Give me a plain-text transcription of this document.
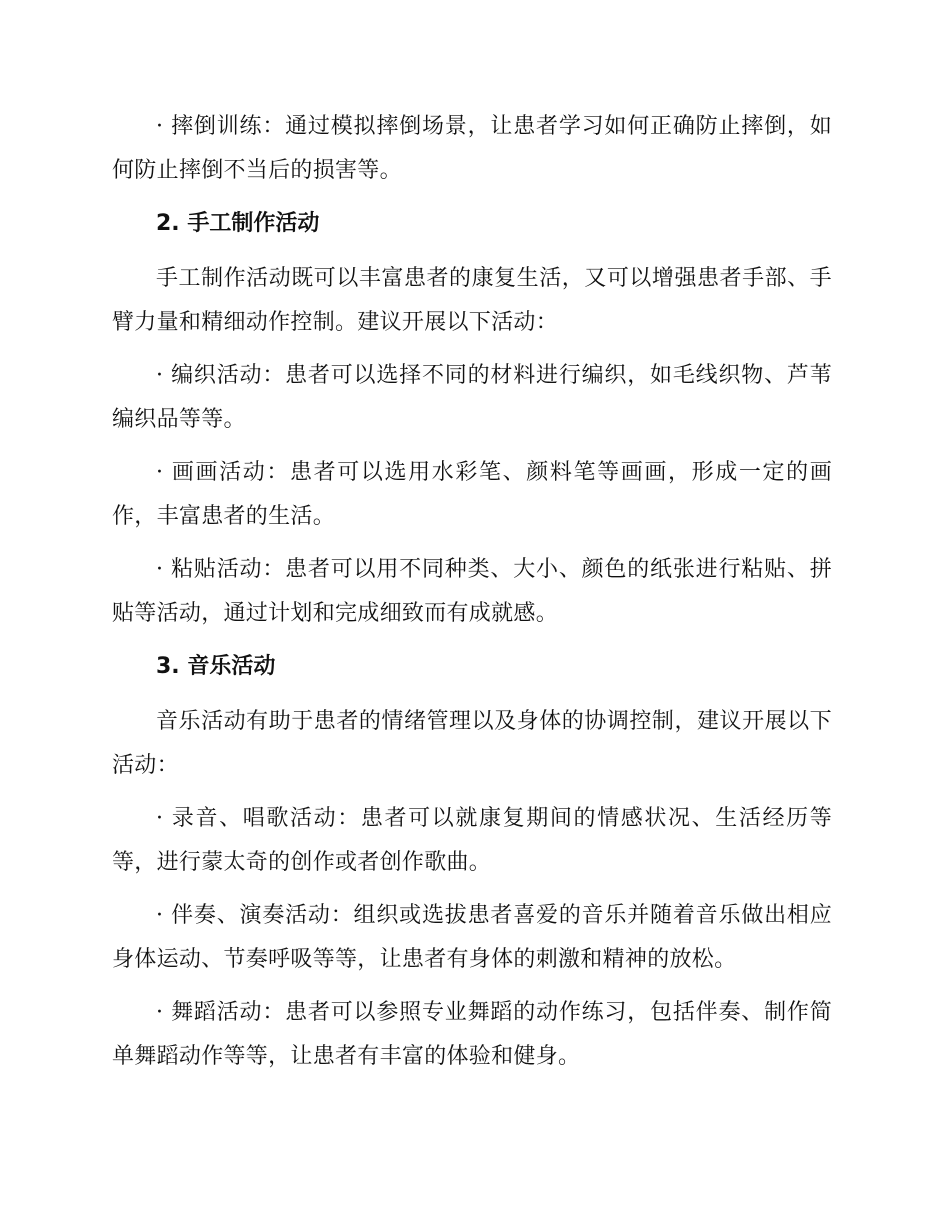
· 摔倒训练：通过模拟摔倒场景，让患者学习如何正确防止摔倒，如何防止摔倒不当后的损害等。

2. 手工制作活动

手工制作活动既可以丰富患者的康复生活，又可以增强患者手部、手臂力量和精细动作控制。建议开展以下活动：

· 编织活动：患者可以选择不同的材料进行编织，如毛线织物、芦苇编织品等等。

· 画画活动：患者可以选用水彩笔、颜料笔等画画，形成一定的画作，丰富患者的生活。

· 粘贴活动：患者可以用不同种类、大小、颜色的纸张进行粘贴、拼贴等活动，通过计划和完成细致而有成就感。

3. 音乐活动

音乐活动有助于患者的情绪管理以及身体的协调控制，建议开展以下活动：

· 录音、唱歌活动：患者可以就康复期间的情感状况、生活经历等等，进行蒙太奇的创作或者创作歌曲。

· 伴奏、演奏活动：组织或选拔患者喜爱的音乐并随着音乐做出相应身体运动、节奏呼吸等等，让患者有身体的刺激和精神的放松。

· 舞蹈活动：患者可以参照专业舞蹈的动作练习，包括伴奏、制作简单舞蹈动作等等，让患者有丰富的体验和健身。
